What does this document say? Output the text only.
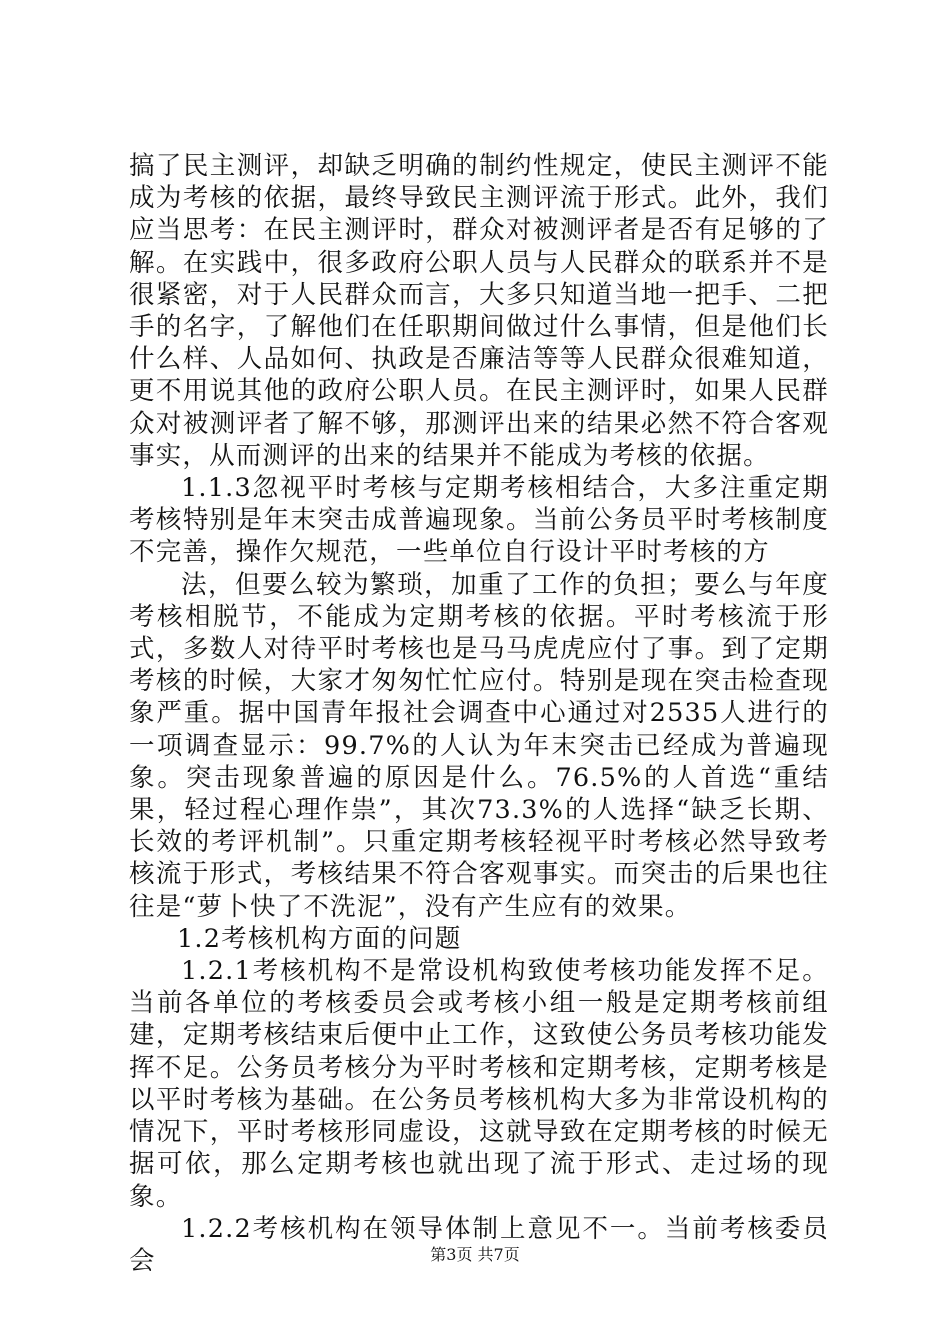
搞了民主测评，却缺乏明确的制约性规定，使民主测评不能成为考核的依据，最终导致民主测评流于形式。此外，我们应当思考：在民主测评时，群众对被测评者是否有足够的了解。在实践中，很多政府公职人员与人民群众的联系并不是很紧密，对于人民群众而言，大多只知道当地一把手、二把手的名字，了解他们在任职期间做过什么事情，但是他们长什么样、人品如何、执政是否廉洁等等人民群众很难知道，更不用说其他的政府公职人员。在民主测评时，如果人民群众对被测评者了解不够，那测评出来的结果必然不符合客观事实，从而测评的出来的结果并不能成为考核的依据。

1.1.3忽视平时考核与定期考核相结合，大多注重定期考核特别是年末突击成普遍现象。当前公务员平时考核制度不完善，操作欠规范，一些单位自行设计平时考核的方

法，但要么较为繁琐，加重了工作的负担；要么与年度考核相脱节，不能成为定期考核的依据。平时考核流于形式，多数人对待平时考核也是马马虎虎应付了事。到了定期考核的时候，大家才匆匆忙忙应付。特别是现在突击检查现象严重。据中国青年报社会调查中心通过对2535人进行的一项调查显示：99.7%的人认为年末突击已经成为普遍现象。突击现象普遍的原因是什么。76.5%的人首选“重结果，轻过程心理作祟”，其次73.3%的人选择“缺乏长期、长效的考评机制”。只重定期考核轻视平时考核必然导致考核流于形式，考核结果不符合客观事实。而突击的后果也往往是“萝卜快了不洗泥”，没有产生应有的效果。

1.2考核机构方面的问题

1.2.1考核机构不是常设机构致使考核功能发挥不足。当前各单位的考核委员会或考核小组一般是定期考核前组建，定期考核结束后便中止工作，这致使公务员考核功能发挥不足。公务员考核分为平时考核和定期考核，定期考核是以平时考核为基础。在公务员考核机构大多为非常设机构的情况下，平时考核形同虚设，这就导致在定期考核的时候无据可依，那么定期考核也就出现了流于形式、走过场的现象。

1.2.2考核机构在领导体制上意见不一。当前考核委员会	第3页 共7页
